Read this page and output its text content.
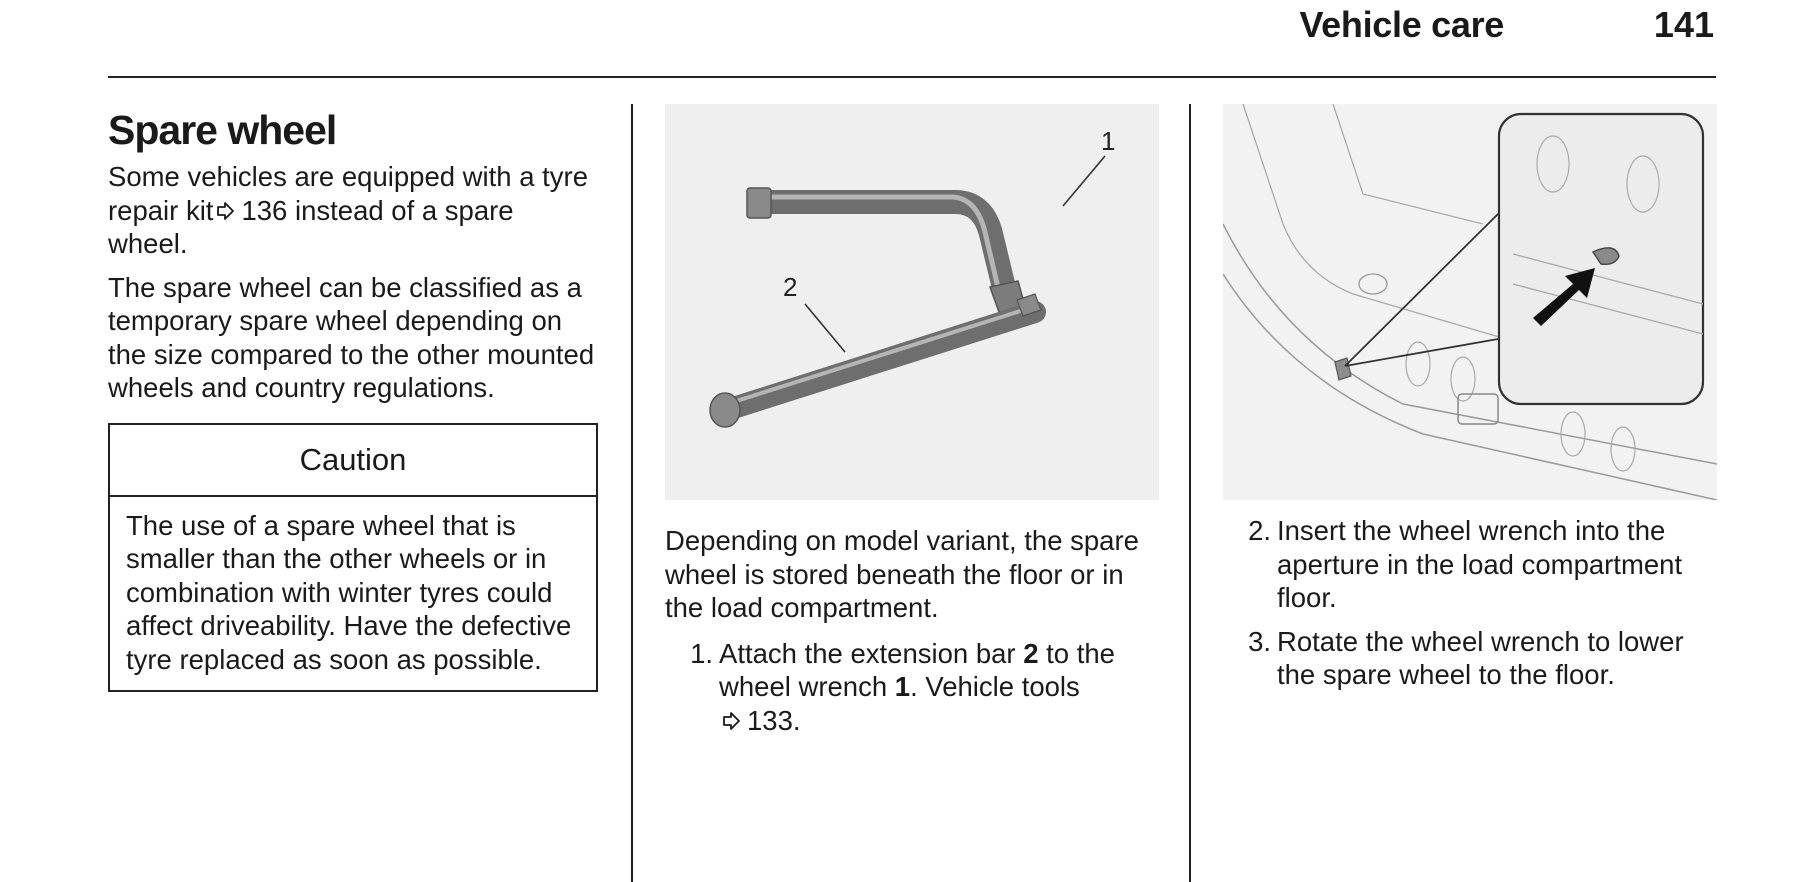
Vehicle care	141
Spare wheel

Some vehicles are equipped with a tyre repair kit 136 instead of a spare wheel.

The spare wheel can be classified as a temporary spare wheel depending on the size compared to the other mounted wheels and country regulations.

Caution
The use of a spare wheel that is smaller than the other wheels or in combination with winter tyres could affect driveability. Have the defective tyre replaced as soon as possible.
1
2

Depending on model variant, the spare wheel is stored beneath the floor or in the load compartment.

1. Attach the extension bar 2 to the wheel wrench 1. Vehicle tools
133.
2. Insert the wheel wrench into the aperture in the load compartment floor.
3. Rotate the wheel wrench to lower the spare wheel to the floor.
